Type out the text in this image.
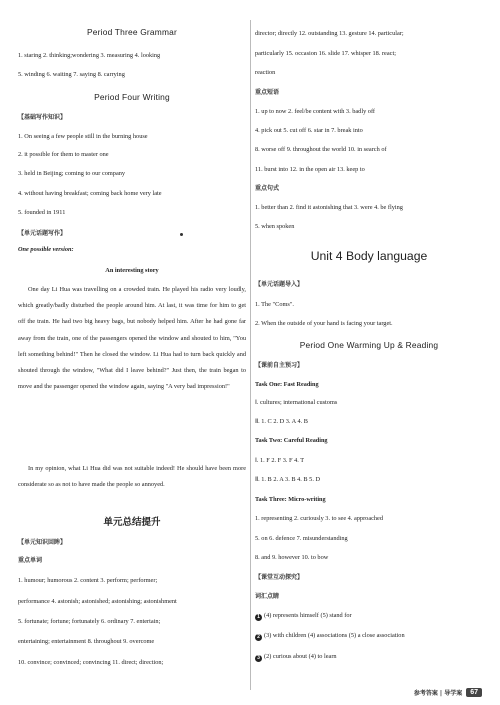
Period Three Grammar
1. staring 2. thinking;wondering 3. measuring 4. looking
5. winding 6. waiting 7. saying 8. carrying
Period Four Writing
【基础写作知识】
1. On seeing a few people still in the burning house
2. it possible for them to master one
3. held in Beijing; coming to our company
4. without having breakfast; coming back home very late
5. founded in 1911
【单元话题写作】
One possible version:
An interesting story
One day Li Hua was travelling on a crowded train. He played his radio very loudly, which greatly/badly disturbed the people around him. At last, it was time for him to get off the train. He had two big heavy bags, but nobody helped him. After he had gone far away from the train, one of the passengers opened the window and shouted to him, "You left something behind!" Then he closed the window. Li Hua had to turn back quickly and shouted through the window, "What did I leave behind?" Just then, the train began to move and the passenger opened the window again, saying "A very bad impression!"
In my opinion, what Li Hua did was not suitable indeed! He should have been more considerate so as not to have made the people so annoyed.
单元总结提升
【单元知识回眸】
重点单词
1. humour; humorous 2. content 3. perform; performer;
performance 4. astonish; astonished; astonishing; astonishment
5. fortunate; fortune; fortunately 6. ordinary 7. entertain;
entertaining; entertainment 8. throughout 9. overcome
10. convince; convinced; convincing 11. direct; direction;
director; directly 12. outstanding 13. gesture 14. particular;
particularly 15. occasion 16. slide 17. whisper 18. react;
reaction
重点短语
1. up to now 2. feel/be content with 3. badly off
4. pick out 5. cut off 6. star in 7. break into
8. worse off 9. throughout the world 10. in search of
11. burst into 12. in the open air 13. keep to
重点句式
1. better than 2. find it astonishing that 3. were 4. be flying
5. when spoken
Unit 4 Body language
【单元话题导入】
1. The "Coms".
2. When the outside of your hand is facing your target.
Period One Warming Up & Reading
【课前自主预习】
Task One: Fast Reading
Ⅰ. cultures; international customs
Ⅱ. 1. C 2. D 3. A 4. B
Task Two: Careful Reading
Ⅰ. 1. F 2. F 3. F 4. T
Ⅱ. 1. B 2. A 3. B 4. B 5. D
Task Three: Micro-writing
1. representing 2. curiously 3. to see 4. approached
5. on 6. defence 7. misunderstanding
8. and 9. however 10. to bow
【课堂互动探究】
词汇点睛
1 (4) represents himself (5) stand for
2 (3) with children (4) associations (5) a close association
3 (2) curious about (4) to learn
参考答案 | 导学案	67
